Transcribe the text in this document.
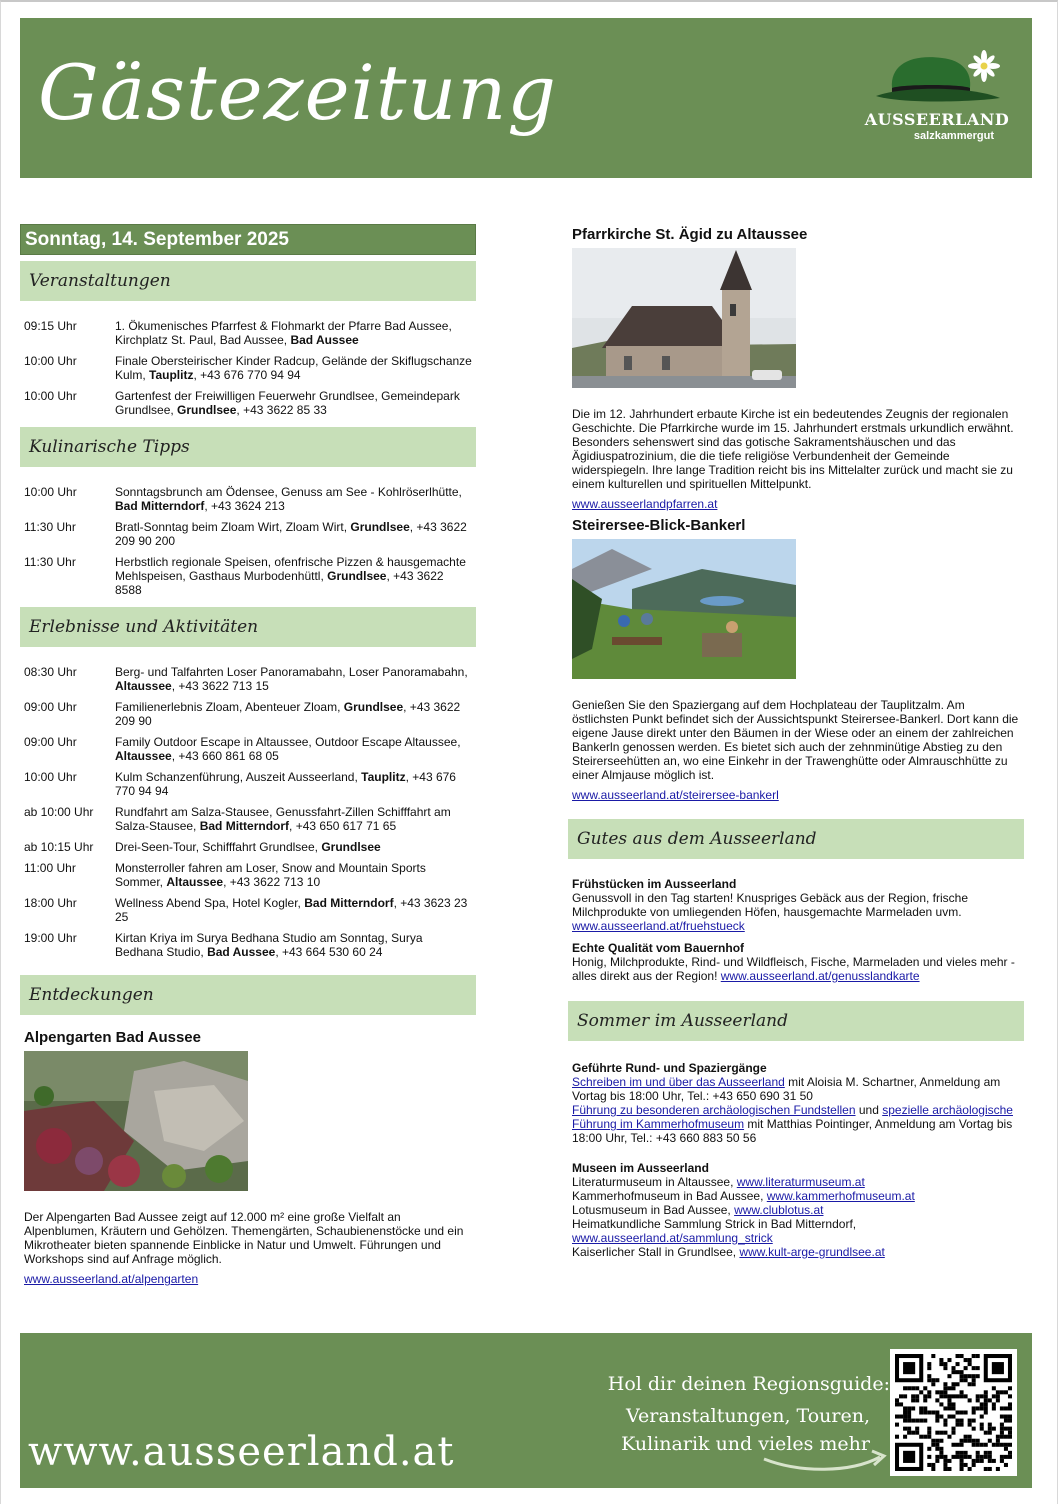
Gästezeitung	AUSSEERLAND
salzkammergut
Sonntag, 14. September 2025
Veranstaltungen
09:15 Uhr	1. Ökumenisches Pfarrfest & Flohmarkt der Pfarre Bad Aussee, Kirchplatz St. Paul, Bad Aussee, Bad Aussee
10:00 Uhr	Finale Obersteirischer Kinder Radcup, Gelände der Skiflugschanze Kulm, Tauplitz, +43 676 770 94 94
10:00 Uhr	Gartenfest der Freiwilligen Feuerwehr Grundlsee, Gemeindepark Grundlsee, Grundlsee, +43 3622 85 33
Kulinarische Tipps
10:00 Uhr	Sonntagsbrunch am Ödensee, Genuss am See - Kohlröserlhütte, Bad Mitterndorf, +43 3624 213
11:30 Uhr	Bratl-Sonntag beim Zloam Wirt, Zloam Wirt, Grundlsee, +43 3622 209 90 200
11:30 Uhr	Herbstlich regionale Speisen, ofenfrische Pizzen & hausgemachte Mehlspeisen, Gasthaus Murbodenhüttl, Grundlsee, +43 3622 8588
Erlebnisse und Aktivitäten
08:30 Uhr	Berg- und Talfahrten Loser Panoramabahn, Loser Panoramabahn, Altaussee, +43 3622 713 15
09:00 Uhr	Familienerlebnis Zloam, Abenteuer Zloam, Grundlsee, +43 3622 209 90
09:00 Uhr	Family Outdoor Escape in Altaussee, Outdoor Escape Altaussee, Altaussee, +43 660 861 68 05
10:00 Uhr	Kulm Schanzenführung, Auszeit Ausseerland, Tauplitz, +43 676 770 94 94
ab 10:00 Uhr	Rundfahrt am Salza-Stausee, Genussfahrt-Zillen Schifffahrt am Salza-Stausee, Bad Mitterndorf, +43 650 617 71 65
ab 10:15 Uhr	Drei-Seen-Tour, Schifffahrt Grundlsee, Grundlsee
11:00 Uhr	Monsterroller fahren am Loser, Snow and Mountain Sports Sommer, Altaussee, +43 3622 713 10
18:00 Uhr	Wellness Abend Spa, Hotel Kogler, Bad Mitterndorf, +43 3623 23 25
19:00 Uhr	Kirtan Kriya im Surya Bedhana Studio am Sonntag, Surya Bedhana Studio, Bad Aussee, +43 664 530 60 24
Entdeckungen
Alpengarten Bad Aussee
Der Alpengarten Bad Aussee zeigt auf 12.000 m² eine große Vielfalt an Alpenblumen, Kräutern und Gehölzen. Themengärten, Schaubienenstöcke und ein Mikrotheater bieten spannende Einblicke in Natur und Umwelt. Führungen und Workshops sind auf Anfrage möglich.
www.ausseerland.at/alpengarten
Pfarrkirche St. Ägid zu Altaussee
Die im 12. Jahrhundert erbaute Kirche ist ein bedeutendes Zeugnis der regionalen Geschichte. Die Pfarrkirche wurde im 15. Jahrhundert erstmals urkundlich erwähnt. Besonders sehenswert sind das gotische Sakramentshäuschen und das Ägidiuspatrozinium, die die tiefe religiöse Verbundenheit der Gemeinde widerspiegeln. Ihre lange Tradition reicht bis ins Mittelalter zurück und macht sie zu einem kulturellen und spirituellen Mittelpunkt.
www.ausseerlandpfarren.at
Steirersee-Blick-Bankerl
Genießen Sie den Spaziergang auf dem Hochplateau der Tauplitzalm. Am östlichsten Punkt befindet sich der Aussichtspunkt Steirersee-Bankerl. Dort kann die eigene Jause direkt unter den Bäumen in der Wiese oder an einem der zahlreichen Bankerln genossen werden. Es bietet sich auch der zehnminütige Abstieg zu den Steirerseehütten an, wo eine Einkehr in der Trawenghütte oder Almrauschhütte zu einer Almjause möglich ist.
www.ausseerland.at/steirersee-bankerl
Gutes aus dem Ausseerland
Frühstücken im Ausseerland
Genussvoll in den Tag starten! Knuspriges Gebäck aus der Region, frische Milchprodukte von umliegenden Höfen, hausgemachte Marmeladen uvm.
www.ausseerland.at/fruehstueck
Echte Qualität vom Bauernhof
Honig, Milchprodukte, Rind- und Wildfleisch, Fische, Marmeladen und vieles mehr - alles direkt aus der Region! www.ausseerland.at/genusslandkarte
Sommer im Ausseerland
Geführte Rund- und Spaziergänge
Schreiben im und über das Ausseerland mit Aloisia M. Schartner, Anmeldung am Vortag bis 18:00 Uhr, Tel.: +43 650 690 31 50
Führung zu besonderen archäologischen Fundstellen und spezielle archäologische Führung im Kammerhofmuseum mit Matthias Pointinger, Anmeldung am Vortag bis 18:00 Uhr, Tel.: +43 660 883 50 56
Museen im Ausseerland
Literaturmuseum in Altaussee, www.literaturmuseum.at
Kammerhofmuseum in Bad Aussee, www.kammerhofmuseum.at
Lotusmuseum in Bad Aussee, www.clublotus.at
Heimatkundliche Sammlung Strick in Bad Mitterndorf,
www.ausseerland.at/sammlung_strick
Kaiserlicher Stall in Grundlsee, www.kult-arge-grundlsee.at
www.ausseerland.at
Hol dir deinen Regionsguide:
Veranstaltungen, Touren,
Kulinarik und vieles mehr
